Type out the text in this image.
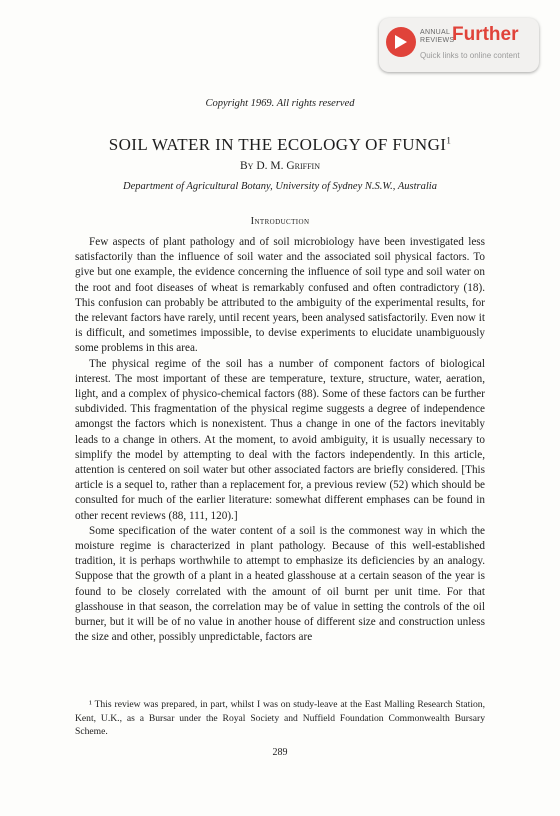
ANNUAL
REVIEWS
Further
Quick links to online content
Copyright 1969. All rights reserved
SOIL WATER IN THE ECOLOGY OF FUNGI$^1$
By D. M. Griffin
Department of Agricultural Botany, University of Sydney N.S.W., Australia
Introduction

Few aspects of plant pathology and of soil microbiology have been investigated less satisfactorily than the influence of soil water and the associated soil physical factors. To give but one example, the evidence concerning the influence of soil type and soil water on the root and foot diseases of wheat is remarkably confused and often contradictory (18). This confusion can probably be attributed to the ambiguity of the experimental results, for the relevant factors have rarely, until recent years, been analysed satisfactorily. Even now it is difficult, and sometimes impossible, to devise experiments to elucidate unambiguously some problems in this area.

The physical regime of the soil has a number of component factors of biological interest. The most important of these are temperature, texture, structure, water, aeration, light, and a complex of physico-chemical factors (88). Some of these factors can be further subdivided. This fragmentation of the physical regime suggests a degree of independence amongst the factors which is nonexistent. Thus a change in one of the factors inevitably leads to a change in others. At the moment, to avoid ambiguity, it is usually necessary to simplify the model by attempting to deal with the factors independently. In this article, attention is centered on soil water but other associated factors are briefly considered. [This article is a sequel to, rather than a replacement for, a previous review (52) which should be consulted for much of the earlier literature: somewhat different emphases can be found in other recent reviews (88, 111, 120).]

Some specification of the water content of a soil is the commonest way in which the moisture regime is characterized in plant pathology. Because of this well-established tradition, it is perhaps worthwhile to attempt to emphasize its deficiencies by an analogy. Suppose that the growth of a plant in a heated glasshouse at a certain season of the year is found to be closely correlated with the amount of oil burnt per unit time. For that glasshouse in that season, the correlation may be of value in setting the controls of the oil burner, but it will be of no value in another house of different size and construction unless the size and other, possibly unpredictable, factors are

¹ This review was prepared, in part, whilst I was on study-leave at the East Malling Research Station, Kent, U.K., as a Bursar under the Royal Society and Nuffield Foundation Commonwealth Bursary Scheme.

289
